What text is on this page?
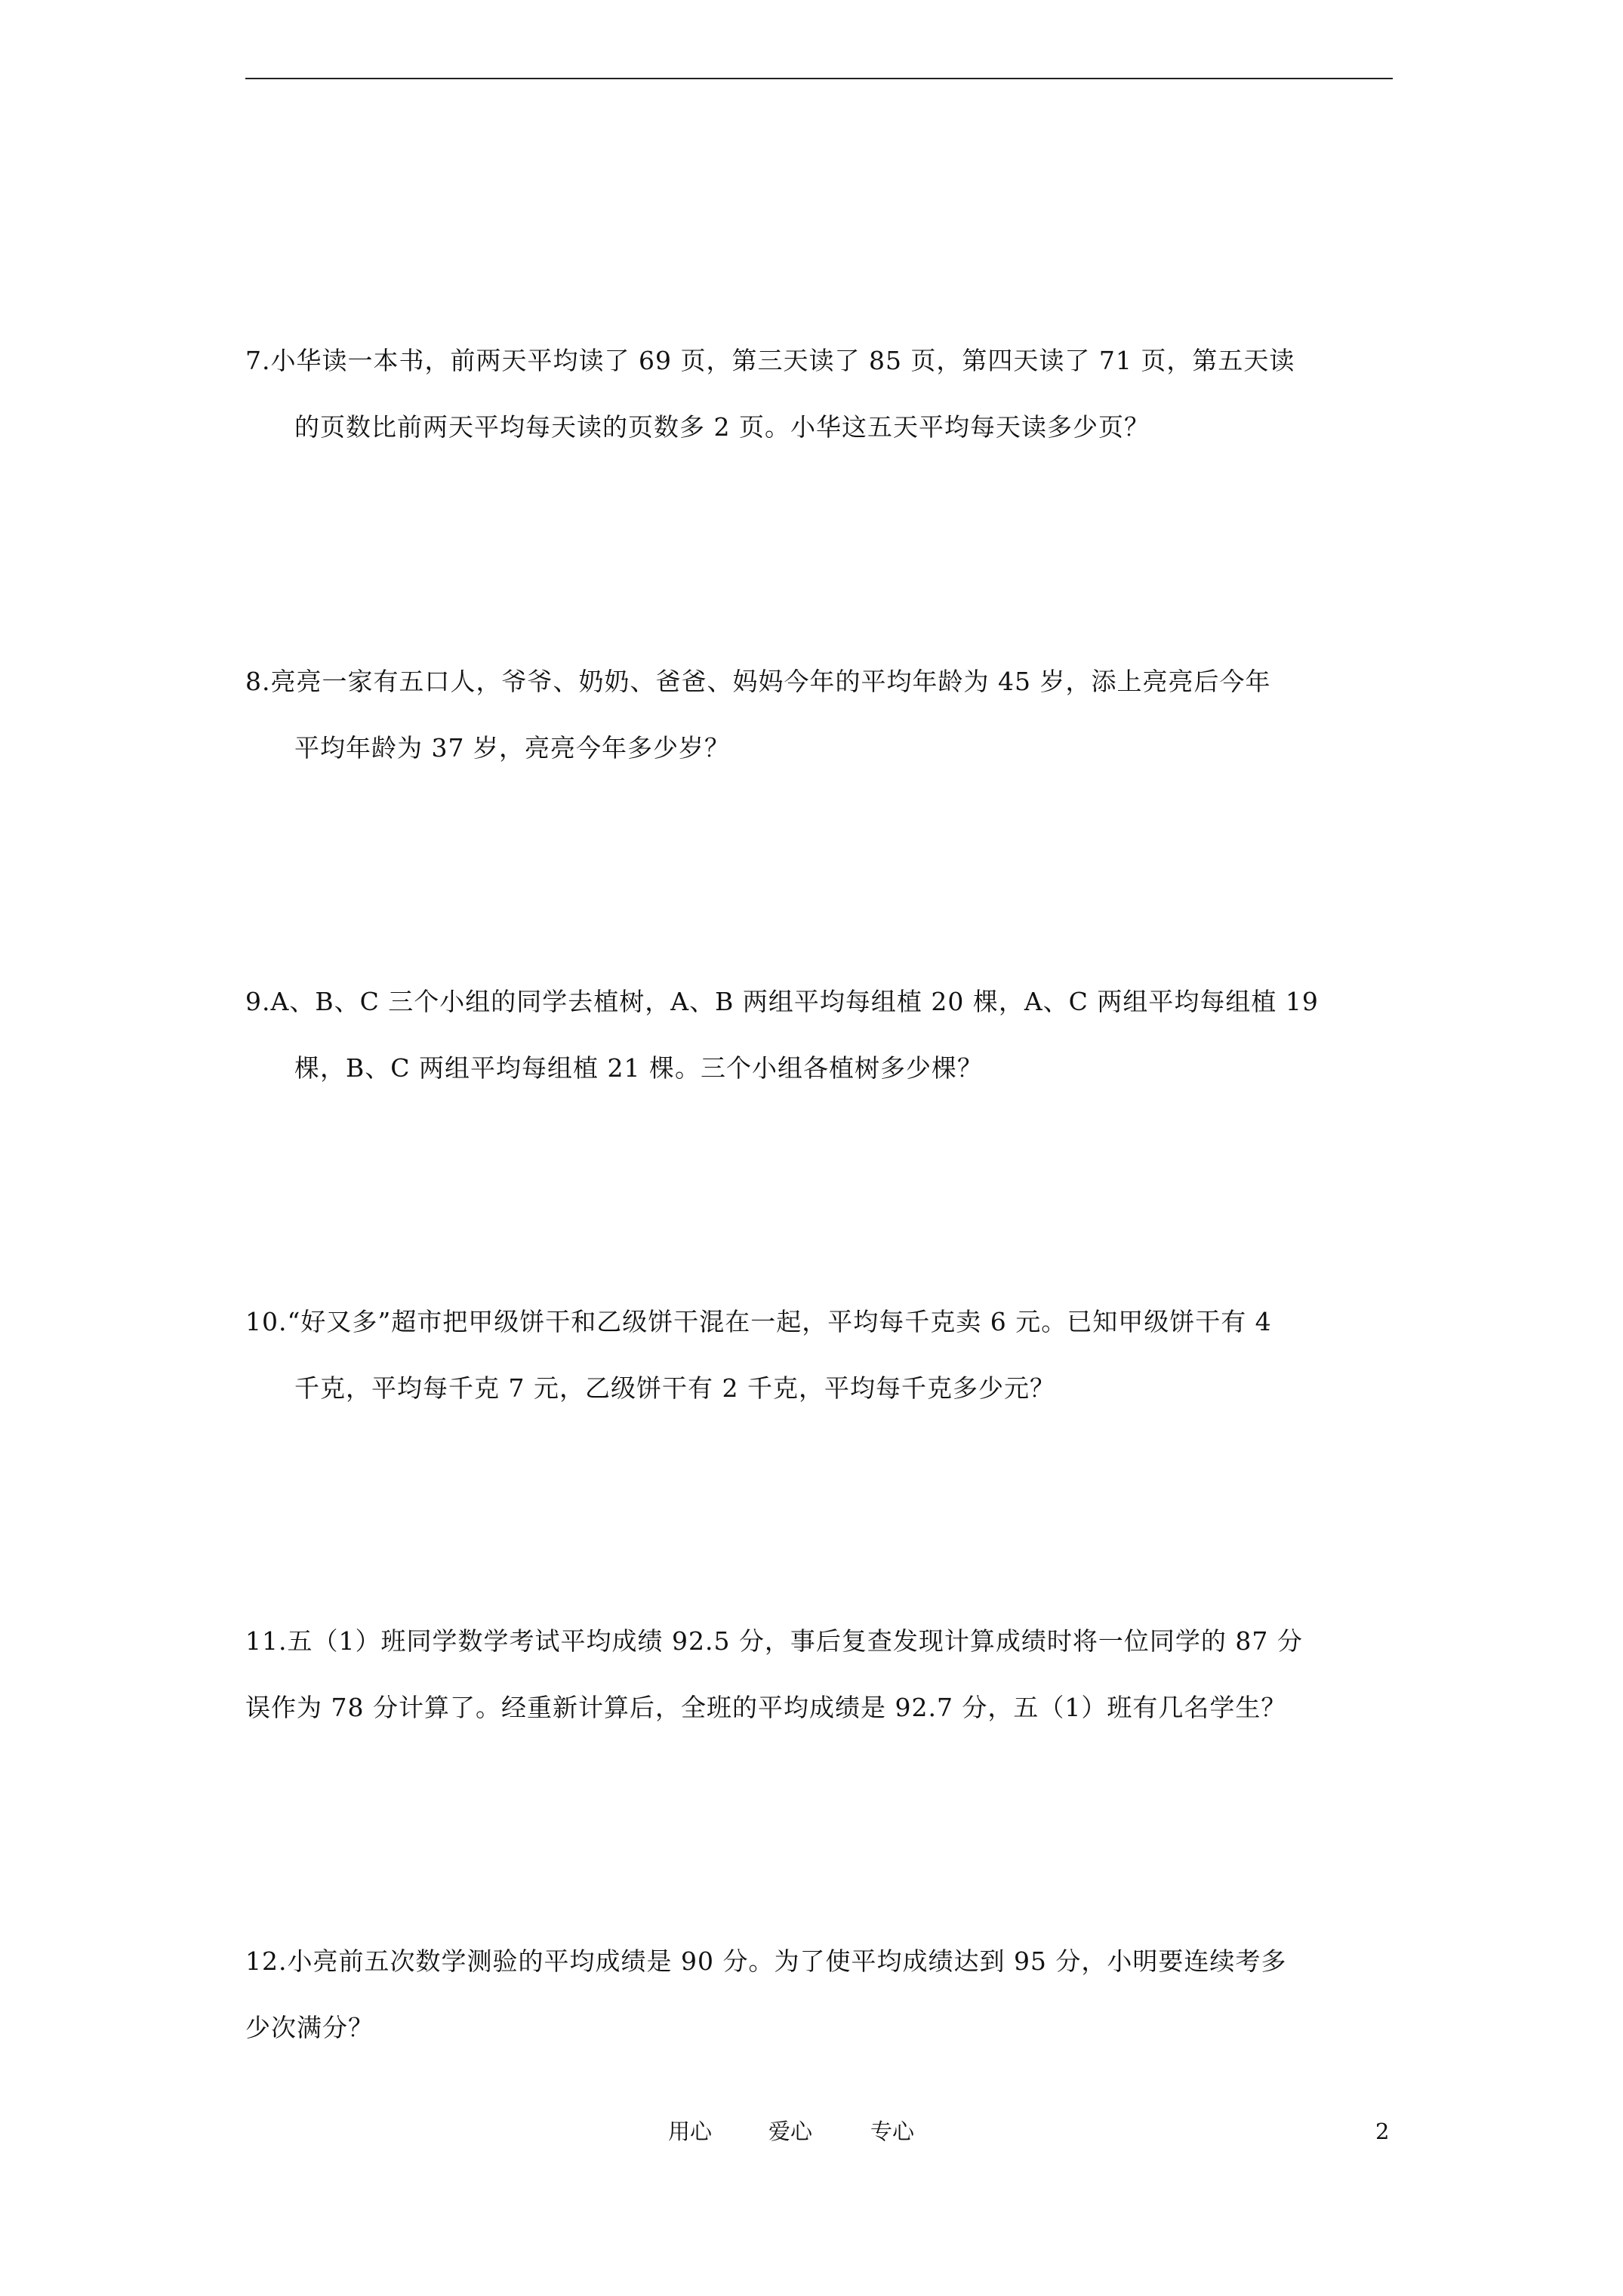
7.小华读一本书，前两天平均读了 69 页，第三天读了 85 页，第四天读了 71 页，第五天读
的页数比前两天平均每天读的页数多 2 页。小华这五天平均每天读多少页？
8.亮亮一家有五口人，爷爷、奶奶、爸爸、妈妈今年的平均年龄为 45 岁，添上亮亮后今年
平均年龄为 37 岁，亮亮今年多少岁？
9.A、B、C 三个小组的同学去植树，A、B 两组平均每组植 20 棵，A、C 两组平均每组植 19
棵，B、C 两组平均每组植 21 棵。三个小组各植树多少棵？
10.“好又多”超市把甲级饼干和乙级饼干混在一起，平均每千克卖 6 元。已知甲级饼干有 4
千克，平均每千克 7 元，乙级饼干有 2 千克，平均每千克多少元？
11.五（1）班同学数学考试平均成绩 92.5 分，事后复查发现计算成绩时将一位同学的 87 分
误作为 78 分计算了。经重新计算后，全班的平均成绩是 92.7 分，五（1）班有几名学生？
12.小亮前五次数学测验的平均成绩是 90 分。为了使平均成绩达到 95 分，小明要连续考多
少次满分？
用心	爱心	专心	2
